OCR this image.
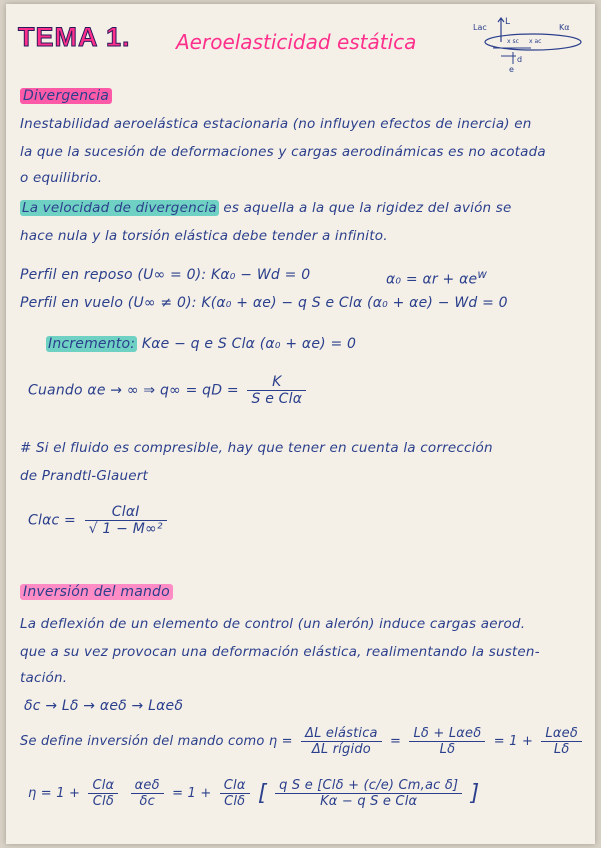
TEMA 1. Aeroelasticidad estática
L
Lac	Kα
x sc x ac
d
e
Divergencia
Inestabilidad aeroelástica estacionaria (no influyen efectos de inercia) en
la que la sucesión de deformaciones y cargas aerodinámicas es no acotada
o equilibrio.
La velocidad de divergencia es aquella a la que la rigidez del avión se
hace nula y la torsión elástica debe tender a infinito.
Perfil en reposo (U∞ = 0): Kα₀ − Wd = 0	$\alpha_0 = \alpha r + \alpha e^w$
Perfil en vuelo (U∞ ≠ 0): K(α₀ + αe) − q S e Clα (α₀ + αe) − Wd = 0
Incremento: Kαe − q e S Clα (α₀ + αe) = 0
Cuando αe → ∞ ⇒ q∞ = qD = $\frac{K}{\text{S e Clα}}$
# Si el fluido es compresible, hay que tener en cuenta la corrección
de Prandtl-Glauert
$Cl\alpha c = \frac{\text{ClαI}}{\text{√ 1 − M∞²}}$
Inversión del mando
La deflexión de un elemento de control (un alerón) induce cargas aerod.
que a su vez provocan una deformación elástica, realimentando la susten-
tación.
δc → Lδ → αeδ → Lαeδ
Se define inversión del mando como $\eta = \frac{\text{ΔL elástica}}{\text{ΔL rígido}} = \frac{\text{Lδ + Lαeδ}}{L\delta} = 1 + \frac{\text{Lαeδ}}{L\delta}$
$\eta = 1 + \frac{\text{Clα}}{\text{Clδ}}$
$\frac{\text{αeδ}}{\delta c} = 1 + \frac{\text{Clα}}{\text{Clδ}}$ [ $\frac{\text{q S e [Clδ + (c/e) Cm,ac δ]}}{\text{Kα − q S e Clα}}$ ]
